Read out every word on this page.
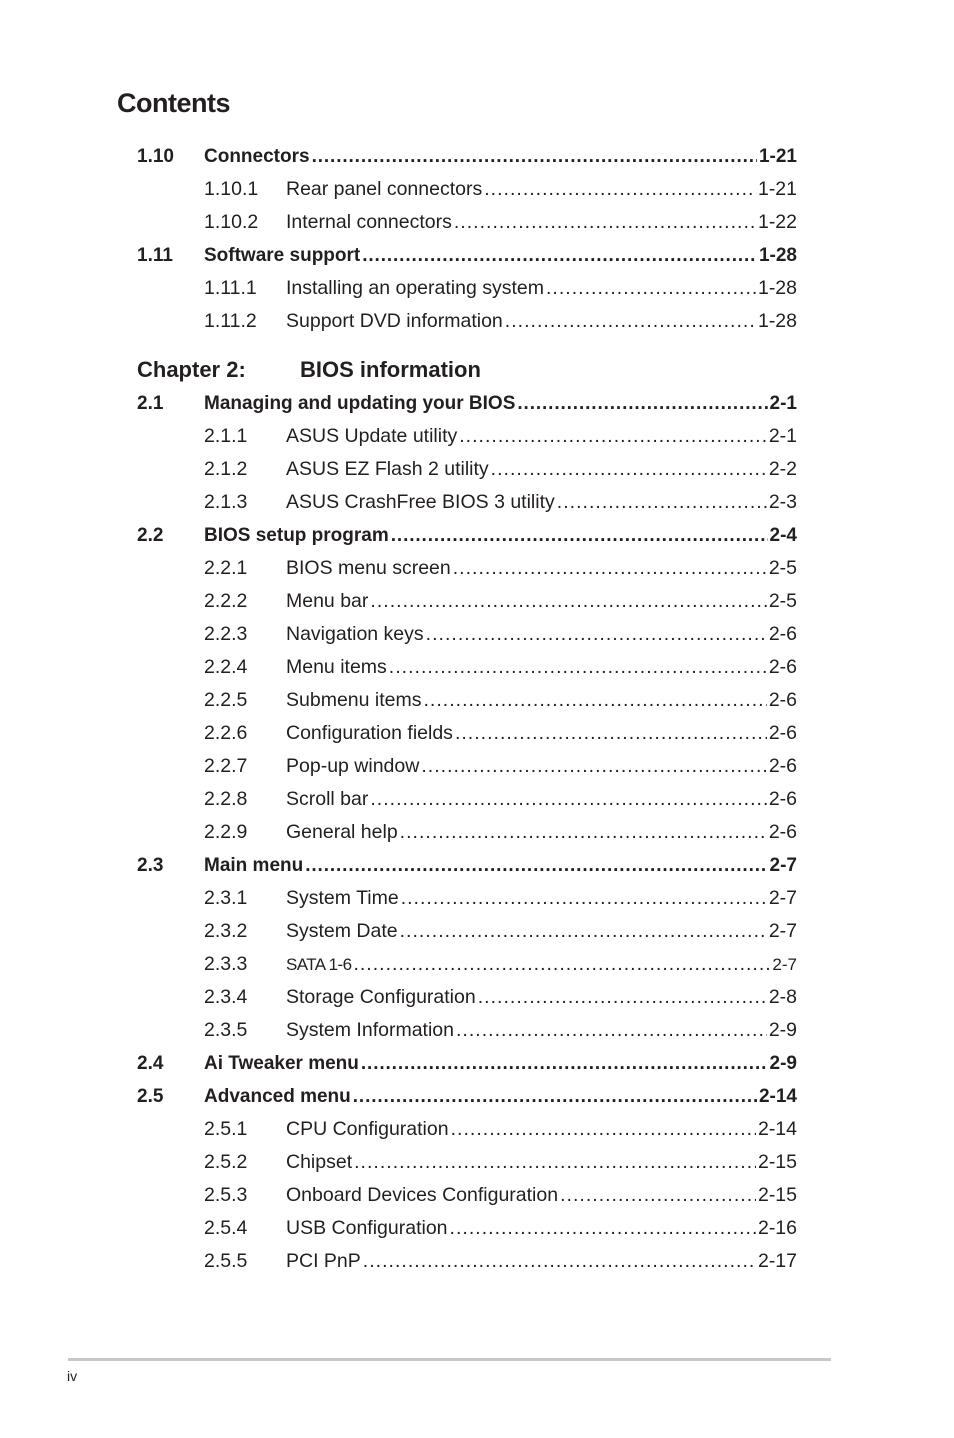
Contents
1.10 Connectors . . .	1-21
1.10.1 Rear panel connectors . . .	1-21
1.10.2 Internal connectors . . .	1-22
1.11 Software support . . .	1-28
1.11.1 Installing an operating system . . .	1-28
1.11.2 Support DVD information . . .	1-28
Chapter 2: BIOS information
2.1 Managing and updating your BIOS . . .	2-1
2.1.1 ASUS Update utility . . .	2-1
2.1.2 ASUS EZ Flash 2 utility . . .	2-2
2.1.3 ASUS CrashFree BIOS 3 utility . . .	2-3
2.2 BIOS setup program . . .	2-4
2.2.1 BIOS menu screen . . .	2-5
2.2.2 Menu bar . . .	2-5
2.2.3 Navigation keys . . .	2-6
2.2.4 Menu items . . .	2-6
2.2.5 Submenu items . . .	2-6
2.2.6 Configuration fields . . .	2-6
2.2.7 Pop-up window . . .	2-6
2.2.8 Scroll bar . . .	2-6
2.2.9 General help . . .	2-6
2.3 Main menu . . .	2-7
2.3.1 System Time . . .	2-7
2.3.2 System Date . . .	2-7
2.3.3 SATA 1-6 . . .	2-7
2.3.4 Storage Configuration . . .	2-8
2.3.5 System Information . . .	2-9
2.4 Ai Tweaker menu . . .	2-9
2.5 Advanced menu . . .	2-14
2.5.1 CPU Configuration . . .	2-14
2.5.2 Chipset . . .	2-15
2.5.3 Onboard Devices Configuration . . .	2-15
2.5.4 USB Configuration . . .	2-16
2.5.5 PCI PnP . . .	2-17
iv
